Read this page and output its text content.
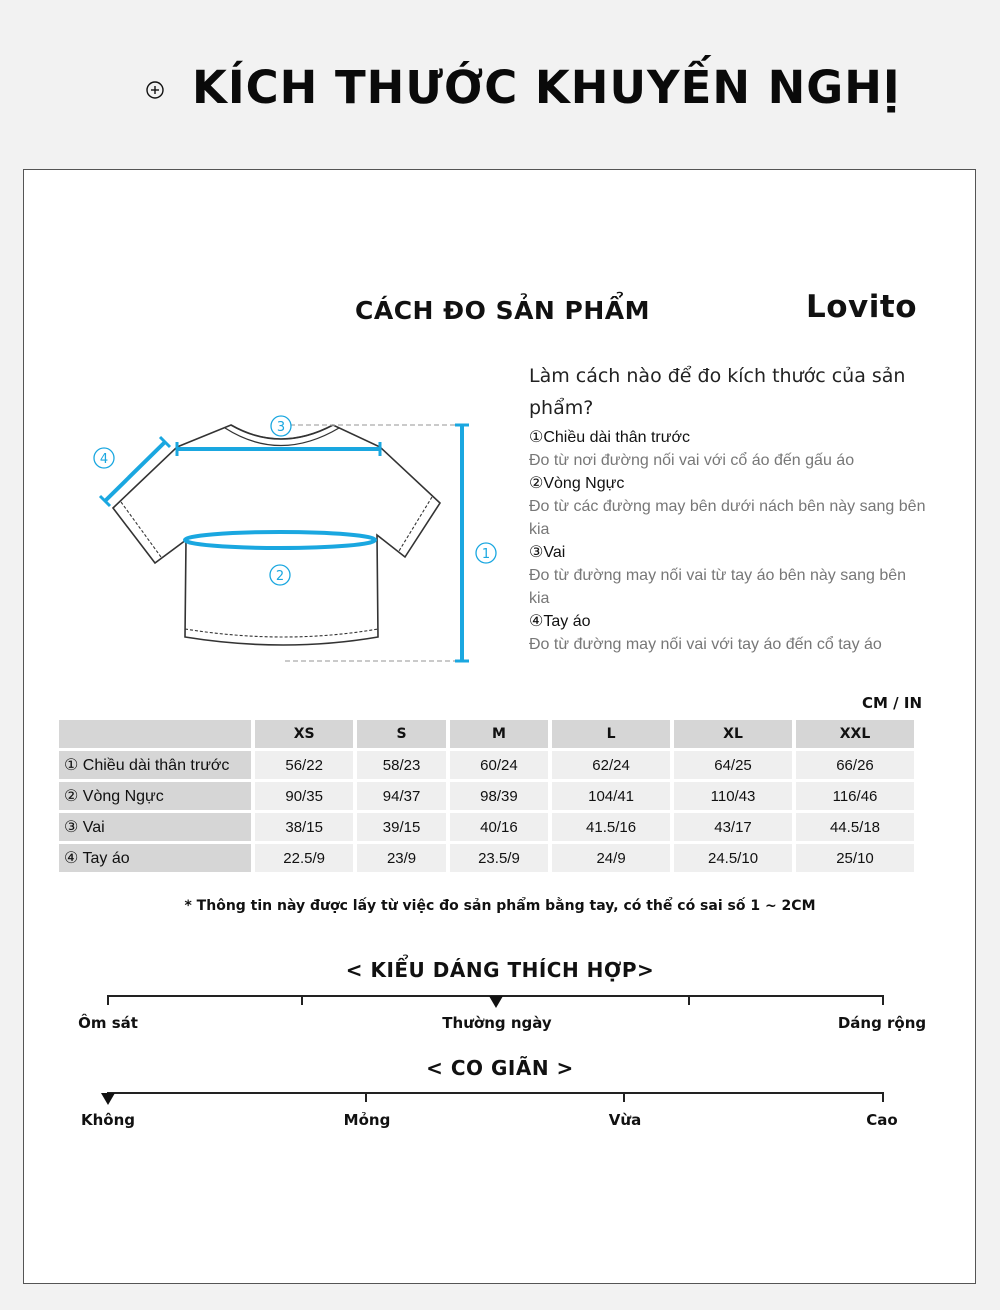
KÍCH THƯỚC KHUYẾN NGHỊ
CÁCH ĐO SẢN PHẨM	Lovito
3
4
2
1
Làm cách nào để đo kích thước của sản phẩm?
①Chiều dài thân trước
Đo từ nơi đường nối vai với cổ áo đến gấu áo
②Vòng Ngực
Đo từ các đường may bên dưới nách bên này sang bên kia
③Vai
Đo từ đường may nối vai từ tay áo bên này sang bên kia
④Tay áo
Đo từ đường may nối vai với tay áo đến cổ tay áo
CM / IN
	XS	S	M	L	XL	XXL
① Chiều dài thân trước	56/22	58/23	60/24	62/24	64/25	66/26
② Vòng Ngực	90/35	94/37	98/39	104/41	110/43	116/46
③ Vai	38/15	39/15	40/16	41.5/16	43/17	44.5/18
④ Tay áo	22.5/9	23/9	23.5/9	24/9	24.5/10	25/10
* Thông tin này được lấy từ việc đo sản phẩm bằng tay, có thể có sai số 1 ~ 2CM
< KIỂU DÁNG THÍCH HỢP>
Ôm sát	Thường ngày	Dáng rộng
< CO GIÃN >
Không	Mỏng	Vừa	Cao
